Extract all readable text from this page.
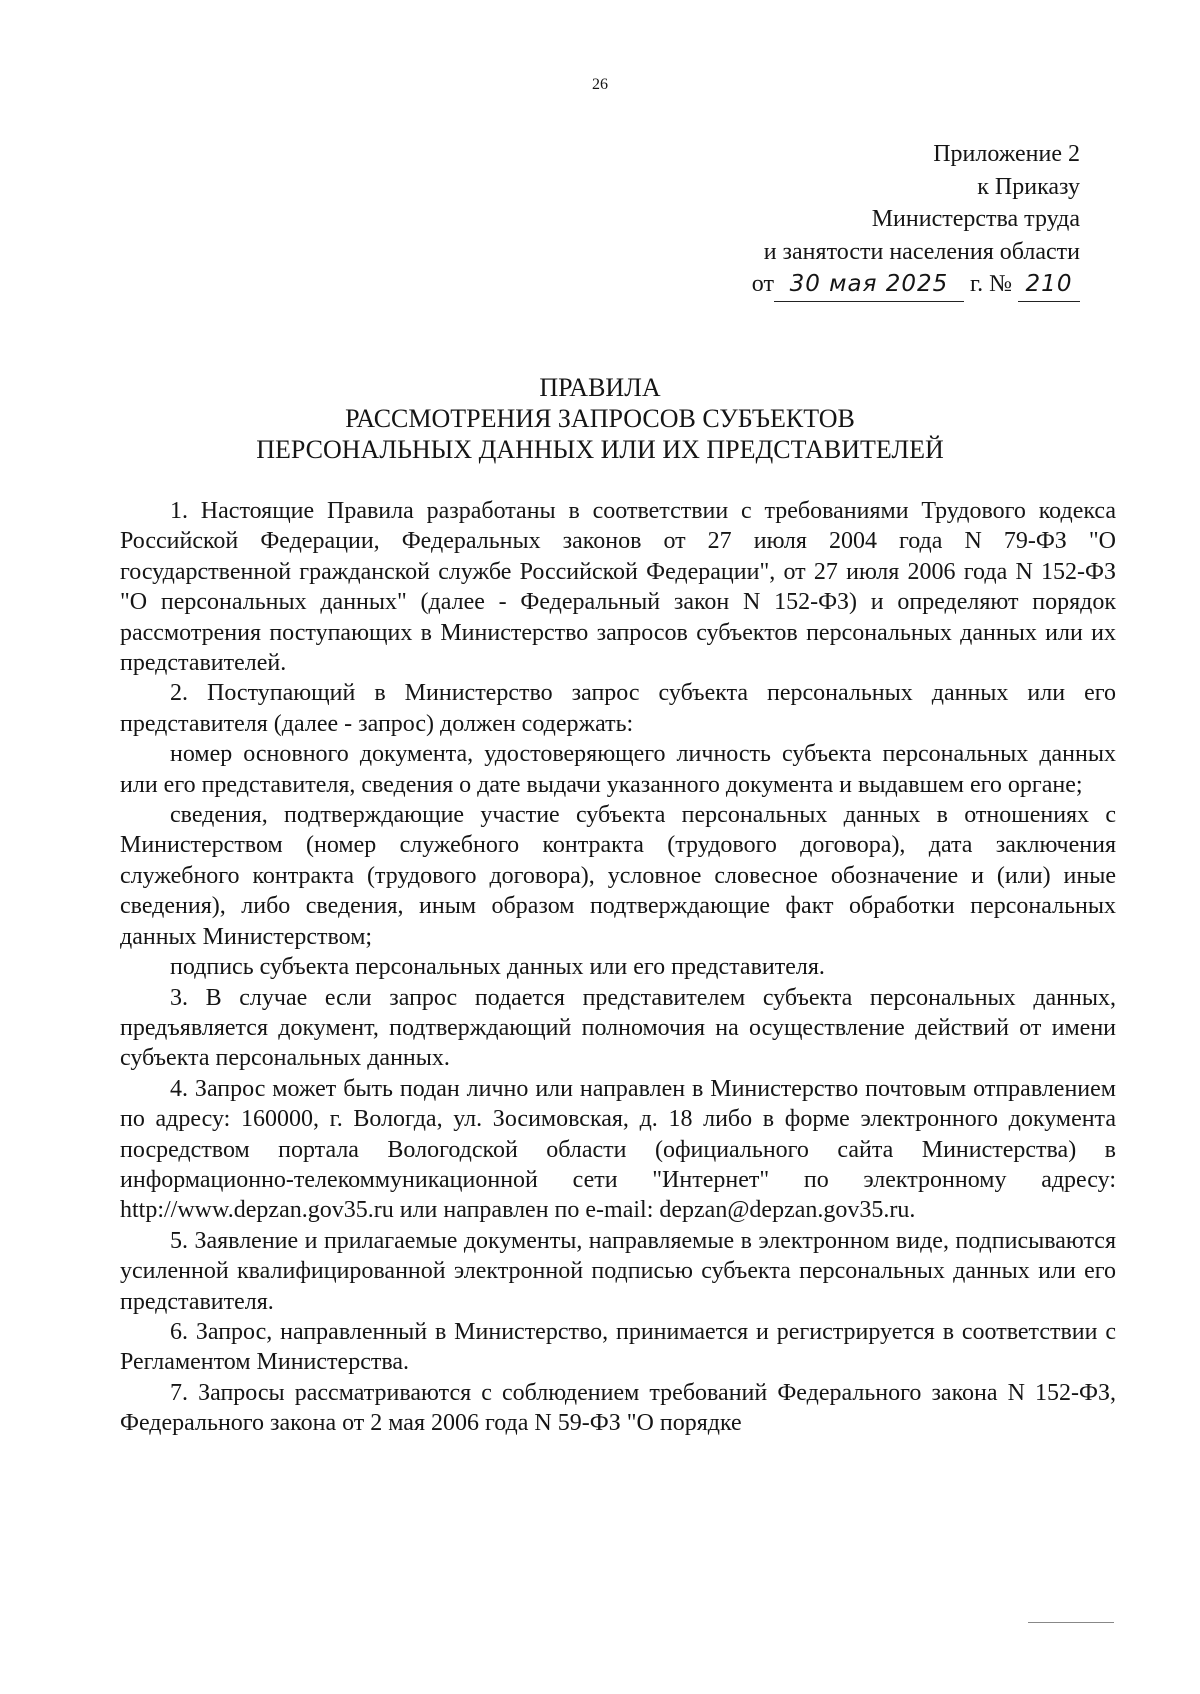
26
Приложение 2
к Приказу
Министерства труда
и занятости населения области
от 30 мая 2025 г. № 210
ПРАВИЛА
РАССМОТРЕНИЯ ЗАПРОСОВ СУБЪЕКТОВ
ПЕРСОНАЛЬНЫХ ДАННЫХ ИЛИ ИХ ПРЕДСТАВИТЕЛЕЙ

1. Настоящие Правила разработаны в соответствии с требованиями Трудового кодекса Российской Федерации, Федеральных законов от 27 июля 2004 года N 79-ФЗ "О государственной гражданской службе Российской Федерации", от 27 июля 2006 года N 152-ФЗ "О персональных данных" (далее - Федеральный закон N 152-ФЗ) и определяют порядок рассмотрения поступающих в Министерство запросов субъектов персональных данных или их представителей.

2. Поступающий в Министерство запрос субъекта персональных данных или его представителя (далее - запрос) должен содержать:

номер основного документа, удостоверяющего личность субъекта персональных данных или его представителя, сведения о дате выдачи указанного документа и выдавшем его органе;

сведения, подтверждающие участие субъекта персональных данных в отношениях с Министерством (номер служебного контракта (трудового договора), дата заключения служебного контракта (трудового договора), условное словесное обозначение и (или) иные сведения), либо сведения, иным образом подтверждающие факт обработки персональных данных Министерством;

подпись субъекта персональных данных или его представителя.

3. В случае если запрос подается представителем субъекта персональных данных, предъявляется документ, подтверждающий полномочия на осуществление действий от имени субъекта персональных данных.

4. Запрос может быть подан лично или направлен в Министерство почтовым отправлением по адресу: 160000, г. Вологда, ул. Зосимовская, д. 18 либо в форме электронного документа посредством портала Вологодской области (официального сайта Министерства) в информационно-телекоммуникационной сети "Интернет" по электронному адресу: http://www.depzan.gov35.ru или направлен по e-mail: depzan@depzan.gov35.ru.

5. Заявление и прилагаемые документы, направляемые в электронном виде, подписываются усиленной квалифицированной электронной подписью субъекта персональных данных или его представителя.

6. Запрос, направленный в Министерство, принимается и регистрируется в соответствии с Регламентом Министерства.

7. Запросы рассматриваются с соблюдением требований Федерального закона N 152-ФЗ, Федерального закона от 2 мая 2006 года N 59-ФЗ "О порядке
